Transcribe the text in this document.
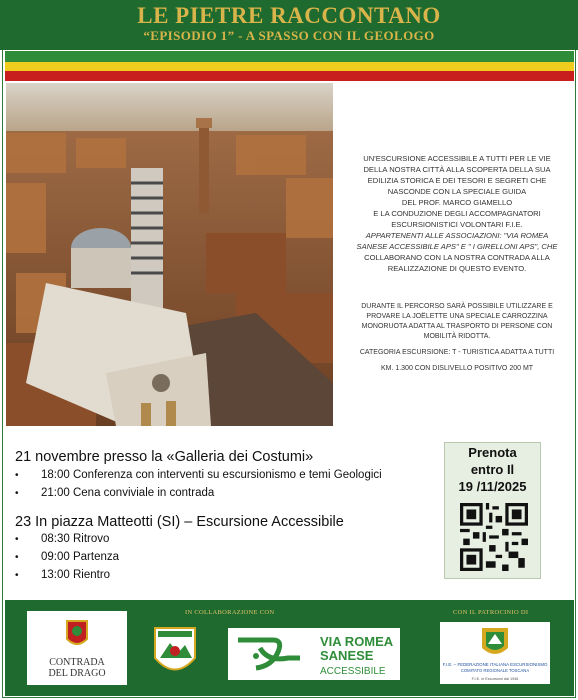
LE PIETRE RACCONTANO
“EPISODIO 1” - A SPASSO CON IL GEOLOGO

UN'ESCURSIONE ACCESSIBILE A TUTTI PER LE VIE

DELLA NOSTRA CITTÀ ALLA SCOPERTA DELLA SUA

EDILIZIA STORICA E DEI TESORI E SEGRETI CHE

NASCONDE CON LA SPECIALE GUIDA

DEL PROF. MARCO GIAMELLO

E LA CONDUZIONE DEGLI ACCOMPAGNATORI

ESCURSIONISTICI VOLONTARI F.I.E.

APPARTENENTI ALLE ASSOCIAZIONI: "VIA ROMEA

SANESE ACCESSIBILE APS" E " I GIRELLONI APS", CHE

COLLABORANO CON LA NOSTRA CONTRADA ALLA

REALIZZAZIONE DI QUESTO EVENTO.

DURANTE IL PERCORSO SARÀ POSSIBILE UTILIZZARE E PROVARE LA JOËLETTE UNA SPECIALE CARROZZINA MONORUOTA ADATTA AL TRASPORTO DI PERSONE CON MOBILITÀ RIDOTTA.

CATEGORIA ESCURSIONE: T - TURISTICA ADATTA A TUTTI

KM. 1.300 CON DISLIVELLO POSITIVO 200 MT

21 novembre presso la «Galleria dei Costumi»
•	18:00 Conferenza con interventi su escursionismo e temi Geologici
•	21:00 Cena conviviale in contrada
23 In piazza Matteotti (SI) – Escursione Accessibile
•	08:30 Ritrovo
•	09:00 Partenza
•	13:00 Rientro
Prenota
entro Il
19 /11/2025
IN COLLABORAZIONE CON	CON IL PATROCINIO DI
CONTRADA
DEL DRAGO
VIA ROMEA
SANESE
ACCESSIBILE
F.I.E. – FEDERAZIONE ITALIANA ESCURSIONISMO
COMITATO REGIONALE TOSCANA
F.I.E. in Escursioni dal 1946
